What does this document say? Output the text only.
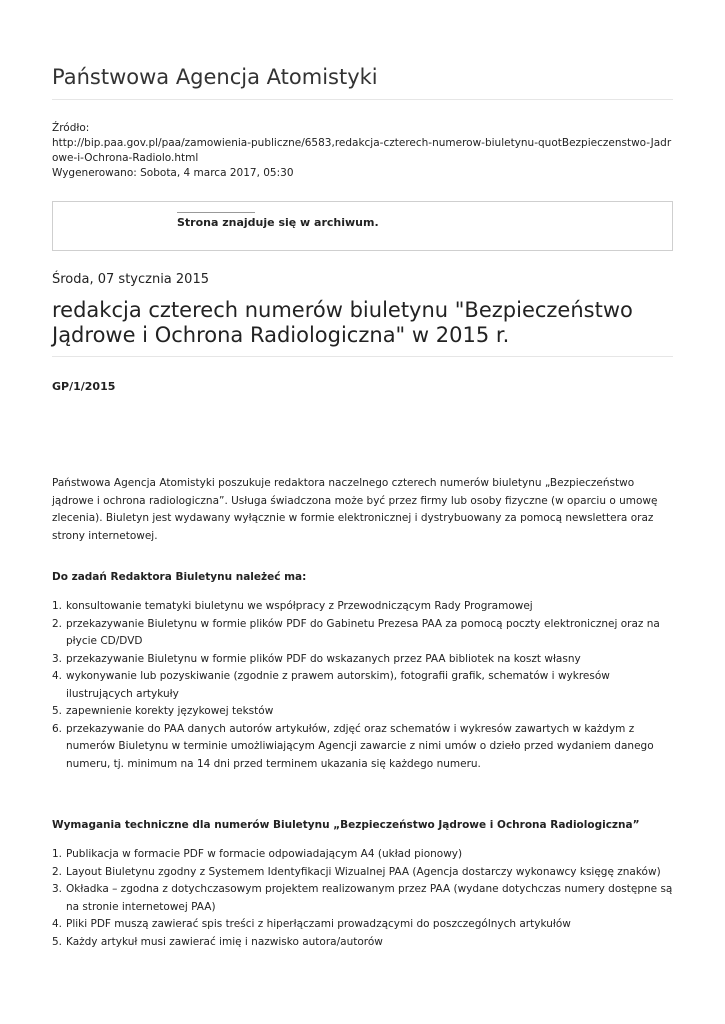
Państwowa Agencja Atomistyki
Źródło:
http://bip.paa.gov.pl/paa/zamowienia-publiczne/6583,redakcja-czterech-numerow-biuletynu-quotBezpieczenstwo-Jadrowe-i-Ochrona-Radiolo.html
Wygenerowano: Sobota, 4 marca 2017, 05:30
Strona znajduje się w archiwum.
Środa, 07 stycznia 2015
redakcja czterech numerów biuletynu "Bezpieczeństwo Jądrowe i Ochrona Radiologiczna" w 2015 r.
GP/1/2015

Państwowa Agencja Atomistyki poszukuje redaktora naczelnego czterech numerów biuletynu „Bezpieczeństwo jądrowe i ochrona radiologiczna”. Usługa świadczona może być przez firmy lub osoby fizyczne (w oparciu o umowę zlecenia). Biuletyn jest wydawany wyłącznie w formie elektronicznej i dystrybuowany za pomocą newslettera oraz strony internetowej.

Do zadań Redaktora Biuletynu należeć ma:
1. konsultowanie tematyki biuletynu we współpracy z Przewodniczącym Rady Programowej
2. przekazywanie Biuletynu w formie plików PDF do Gabinetu Prezesa PAA za pomocą poczty elektronicznej oraz na płycie CD/DVD
3. przekazywanie Biuletynu w formie plików PDF do wskazanych przez PAA bibliotek na koszt własny
4. wykonywanie lub pozyskiwanie (zgodnie z prawem autorskim), fotografii grafik, schematów i wykresów ilustrujących artykuły
5. zapewnienie korekty językowej tekstów
6. przekazywanie do PAA danych autorów artykułów, zdjęć oraz schematów i wykresów zawartych w każdym z numerów Biuletynu w terminie umożliwiającym Agencji zawarcie z nimi umów o dzieło przed wydaniem danego numeru, tj. minimum na 14 dni przed terminem ukazania się każdego numeru.
Wymagania techniczne dla numerów Biuletynu „Bezpieczeństwo Jądrowe i Ochrona Radiologiczna”
1. Publikacja w formacie PDF w formacie odpowiadającym A4 (układ pionowy)
2. Layout Biuletynu zgodny z Systemem Identyfikacji Wizualnej PAA (Agencja dostarczy wykonawcy księgę znaków)
3. Okładka – zgodna z dotychczasowym projektem realizowanym przez PAA (wydane dotychczas numery dostępne są na stronie internetowej PAA)
4. Pliki PDF muszą zawierać spis treści z hiperłączami prowadzącymi do poszczególnych artykułów
5. Każdy artykuł musi zawierać imię i nazwisko autora/autorów
